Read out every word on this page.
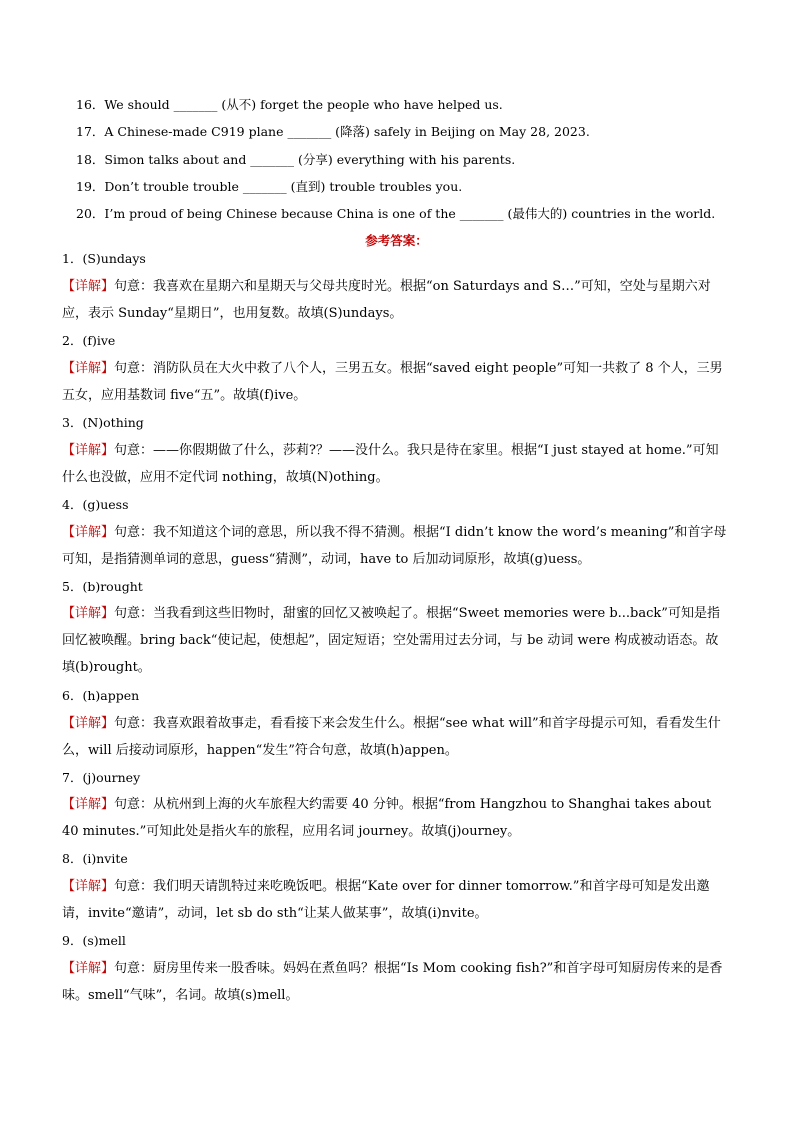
16．We should _______ (从不) forget the people who have helped us.
17．A Chinese-made C919 plane _______ (降落) safely in Beijing on May 28, 2023.
18．Simon talks about and _______ (分享) everything with his parents.
19．Don’t trouble trouble _______ (直到) trouble troubles you.
20．I’m proud of being Chinese because China is one of the _______ (最伟大的) countries in the world.
参考答案：
1．(S)undays
【详解】句意：我喜欢在星期六和星期天与父母共度时光。根据“on Saturdays and S…”可知，空处与星期六对应，表示 Sunday“星期日”，也用复数。故填(S)undays。
2．(f)ive
【详解】句意：消防队员在大火中救了八个人，三男五女。根据“saved eight people”可知一共救了 8 个人，三男五女，应用基数词 five“五”。故填(f)ive。
3．(N)othing
【详解】句意：——你假期做了什么，莎莉?？——没什么。我只是待在家里。根据“I just stayed at home.”可知什么也没做，应用不定代词 nothing，故填(N)othing。
4．(g)uess
【详解】句意：我不知道这个词的意思，所以我不得不猜测。根据“I didn’t know the word’s meaning”和首字母可知，是指猜测单词的意思，guess“猜测”，动词，have to 后加动词原形，故填(g)uess。
5．(b)rought
【详解】句意：当我看到这些旧物时，甜蜜的回忆又被唤起了。根据“Sweet memories were b...back”可知是指回忆被唤醒。bring back“使记起，使想起”，固定短语；空处需用过去分词，与 be 动词 were 构成被动语态。故填(b)rought。
6．(h)appen
【详解】句意：我喜欢跟着故事走，看看接下来会发生什么。根据“see what will”和首字母提示可知，看看发生什么，will 后接动词原形，happen“发生”符合句意，故填(h)appen。
7．(j)ourney
【详解】句意：从杭州到上海的火车旅程大约需要 40 分钟。根据“from Hangzhou to Shanghai takes about 40 minutes.”可知此处是指火车的旅程，应用名词 journey。故填(j)ourney。
8．(i)nvite
【详解】句意：我们明天请凯特过来吃晚饭吧。根据“Kate over for dinner tomorrow.”和首字母可知是发出邀请，invite“邀请”，动词，let sb do sth“让某人做某事”，故填(i)nvite。
9．(s)mell
【详解】句意：厨房里传来一股香味。妈妈在煮鱼吗？根据“Is Mom cooking fish?”和首字母可知厨房传来的是香味。smell“气味”，名词。故填(s)mell。
